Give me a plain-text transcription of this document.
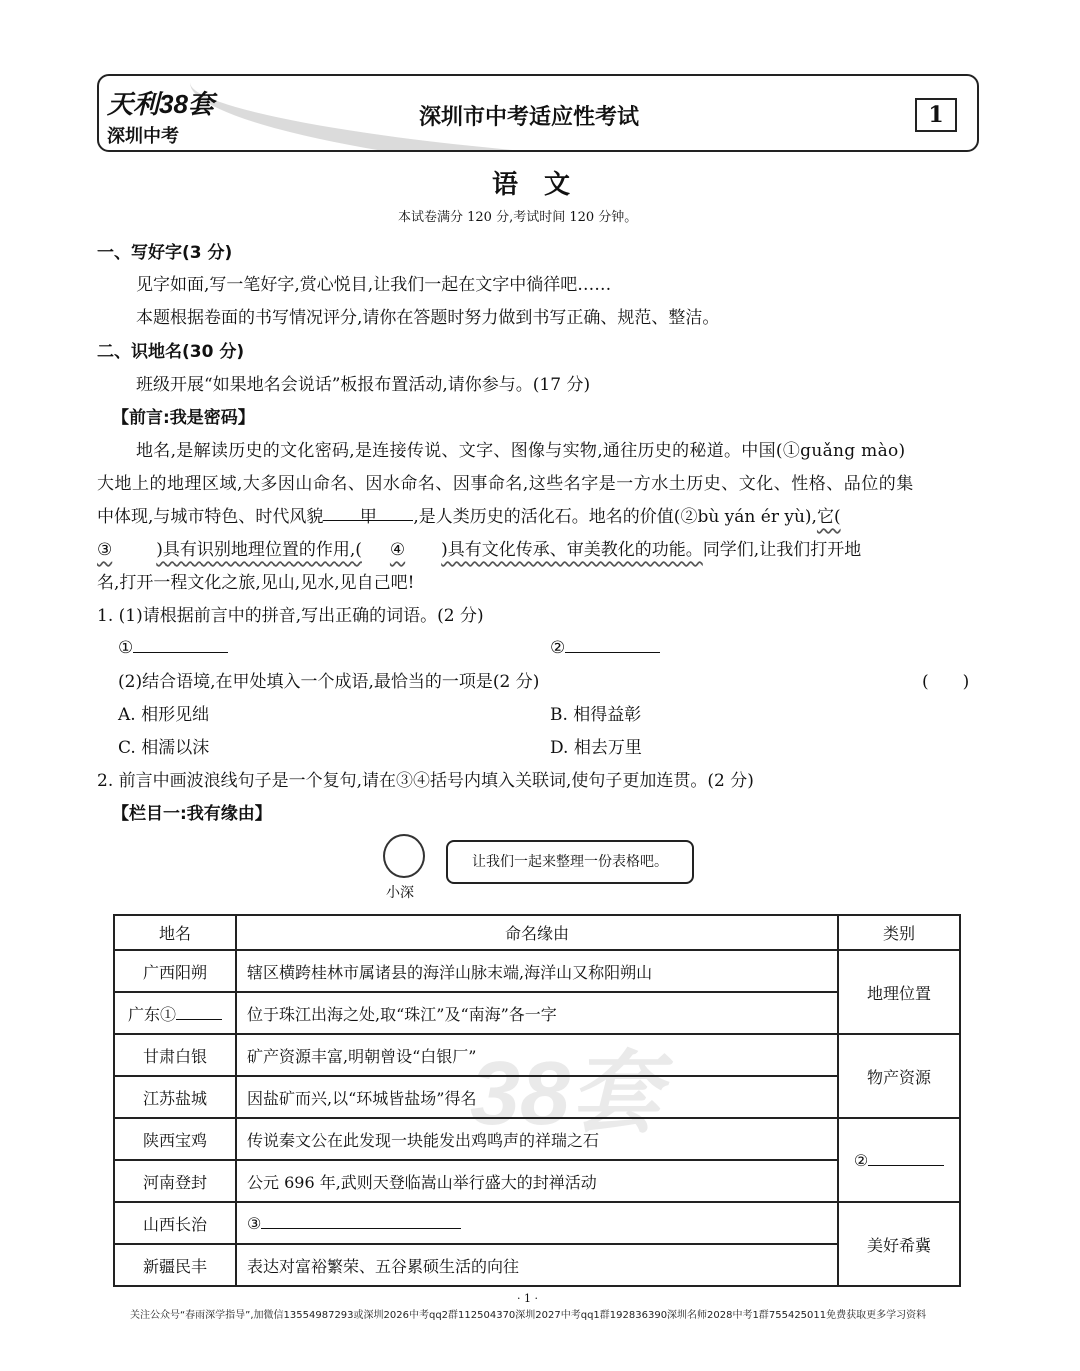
天利38套
深圳中考
深圳市中考适应性考试	1
语　文
本试卷满分 120 分,考试时间 120 分钟。
一、写好字(3 分)
见字如面,写一笔好字,赏心悦目,让我们一起在文字中徜徉吧……
本题根据卷面的书写情况评分,请你在答题时努力做到书写正确、规范、整洁。
二、识地名(30 分)
班级开展“如果地名会说话”板报布置活动,请你参与。(17 分)
【前言:我是密码】
地名,是解读历史的文化密码,是连接传说、文字、图像与实物,通往历史的秘道。中国(①guǎng mào)
大地上的地理区域,大多因山命名、因水命名、因事命名,这些名字是一方水土历史、文化、性格、品位的集
中体现,与城市特色、时代风貌 甲 ,是人类历史的活化石。地名的价值(②bù yán ér yù),它(
③	)具有识别地理位置的作用,( ④ )具有文化传承、审美教化的功能。同学们,让我们打开地
名,打开一程文化之旅,见山,见水,见自己吧!
1. (1)请根据前言中的拼音,写出正确的词语。(2 分)
①	②
(2)结合语境,在甲处填入一个成语,最恰当的一项是(2 分)	(　　)
A. 相形见绌	B. 相得益彰
C. 相濡以沫	D. 相去万里
2. 前言中画波浪线句子是一个复句,请在③④括号内填入关联词,使句子更加连贯。(2 分)
【栏目一:我有缘由】
小深
让我们一起来整理一份表格吧。
38套
地名	命名缘由	类别
广西阳朔	辖区横跨桂林市属诸县的海洋山脉末端,海洋山又称阳朔山	地理位置
广东①	位于珠江出海之处,取“珠江”及“南海”各一字	
甘肃白银	矿产资源丰富,明朝曾设“白银厂”	物产资源
江苏盐城	因盐矿而兴,以“环城皆盐场”得名	
陕西宝鸡	传说秦文公在此发现一块能发出鸡鸣声的祥瑞之石	②
河南登封	公元 696 年,武则天登临嵩山举行盛大的封禅活动	
山西长治	③	美好希冀
新疆民丰	表达对富裕繁荣、五谷累硕生活的向往	
关注公众号“春雨深学指导”,加微信13554987293或深圳2026中考qq2群112504370深圳2027中考qq1群192836390深圳名师2028中考1群755425011免费获取更多学习资料
· 1 ·
